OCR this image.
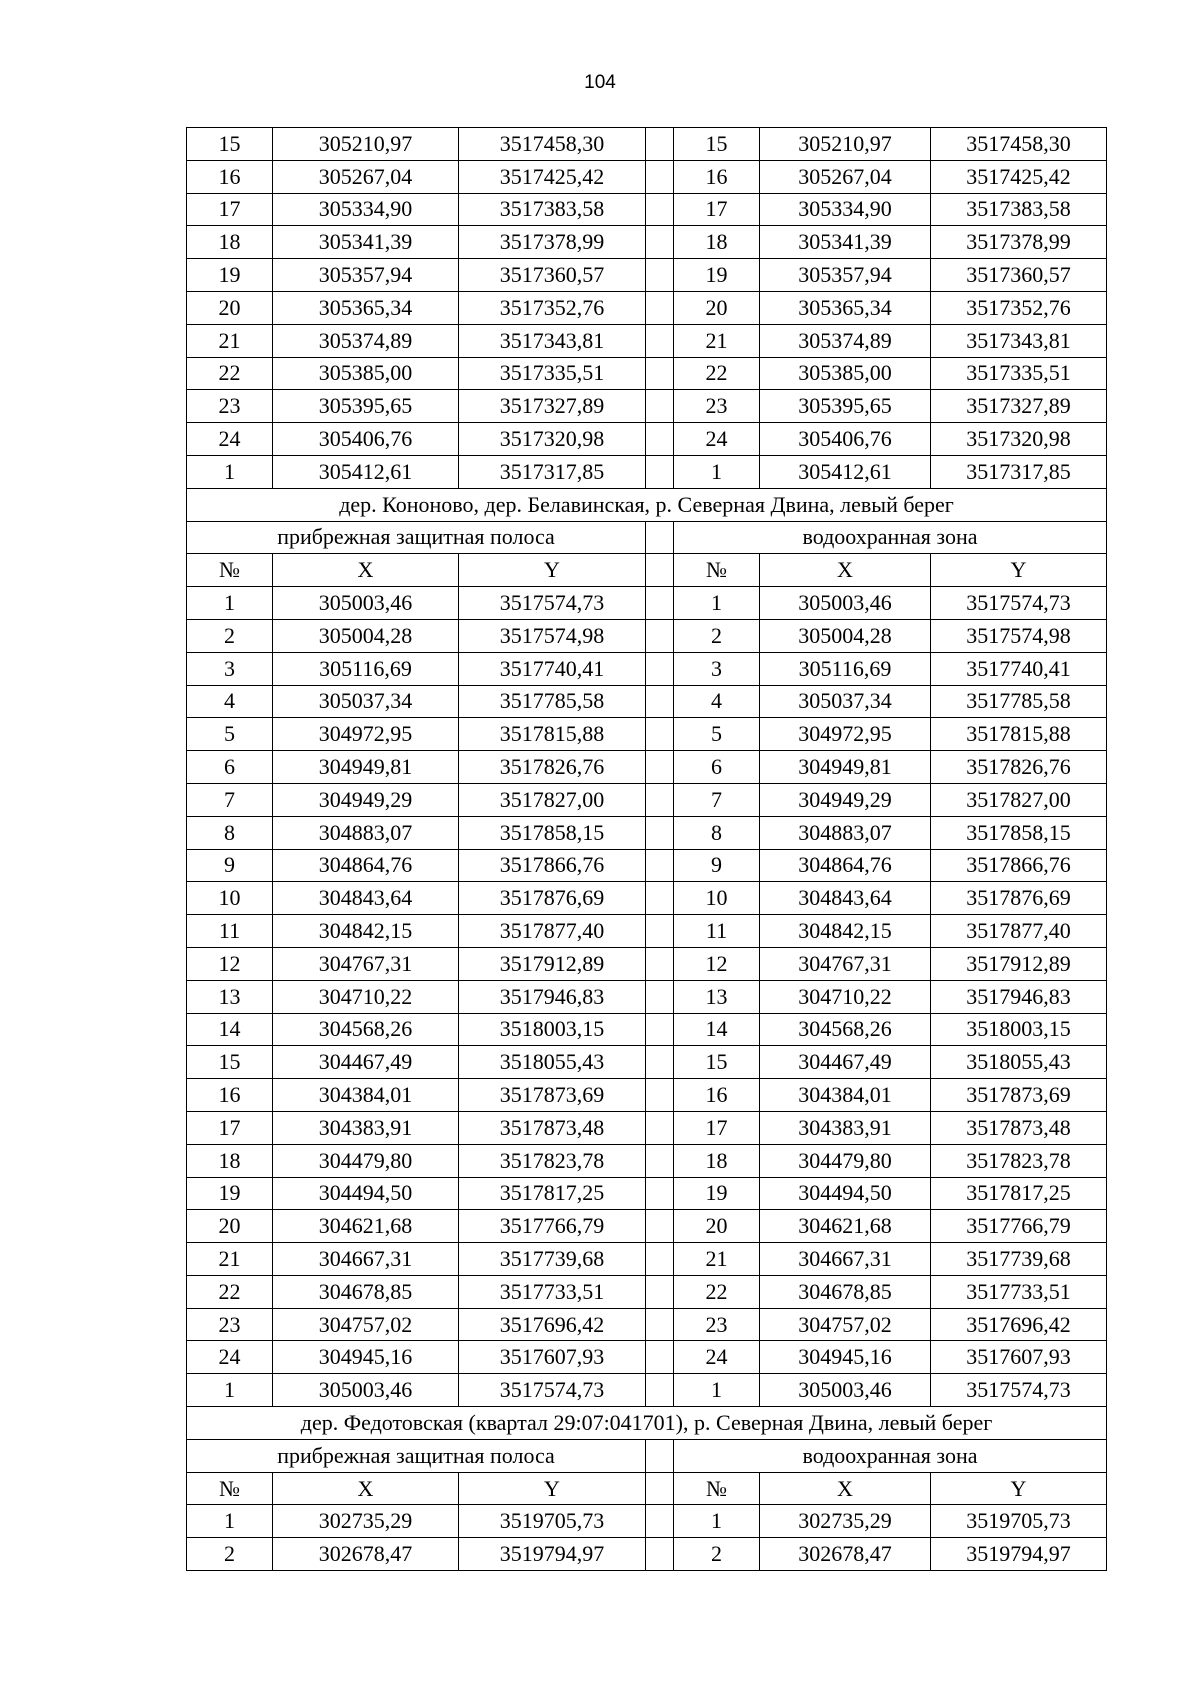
104
15	305210,97	3517458,30		15	305210,97	3517458,30
16	305267,04	3517425,42		16	305267,04	3517425,42
17	305334,90	3517383,58		17	305334,90	3517383,58
18	305341,39	3517378,99		18	305341,39	3517378,99
19	305357,94	3517360,57		19	305357,94	3517360,57
20	305365,34	3517352,76		20	305365,34	3517352,76
21	305374,89	3517343,81		21	305374,89	3517343,81
22	305385,00	3517335,51		22	305385,00	3517335,51
23	305395,65	3517327,89		23	305395,65	3517327,89
24	305406,76	3517320,98		24	305406,76	3517320,98
1	305412,61	3517317,85		1	305412,61	3517317,85
дер. Кононово, дер. Белавинская, р. Северная Двина, левый берег						
прибрежная защитная полоса				водоохранная зона		
№	X	Y		№	X	Y
1	305003,46	3517574,73		1	305003,46	3517574,73
2	305004,28	3517574,98		2	305004,28	3517574,98
3	305116,69	3517740,41		3	305116,69	3517740,41
4	305037,34	3517785,58		4	305037,34	3517785,58
5	304972,95	3517815,88		5	304972,95	3517815,88
6	304949,81	3517826,76		6	304949,81	3517826,76
7	304949,29	3517827,00		7	304949,29	3517827,00
8	304883,07	3517858,15		8	304883,07	3517858,15
9	304864,76	3517866,76		9	304864,76	3517866,76
10	304843,64	3517876,69		10	304843,64	3517876,69
11	304842,15	3517877,40		11	304842,15	3517877,40
12	304767,31	3517912,89		12	304767,31	3517912,89
13	304710,22	3517946,83		13	304710,22	3517946,83
14	304568,26	3518003,15		14	304568,26	3518003,15
15	304467,49	3518055,43		15	304467,49	3518055,43
16	304384,01	3517873,69		16	304384,01	3517873,69
17	304383,91	3517873,48		17	304383,91	3517873,48
18	304479,80	3517823,78		18	304479,80	3517823,78
19	304494,50	3517817,25		19	304494,50	3517817,25
20	304621,68	3517766,79		20	304621,68	3517766,79
21	304667,31	3517739,68		21	304667,31	3517739,68
22	304678,85	3517733,51		22	304678,85	3517733,51
23	304757,02	3517696,42		23	304757,02	3517696,42
24	304945,16	3517607,93		24	304945,16	3517607,93
1	305003,46	3517574,73		1	305003,46	3517574,73
дер. Федотовская (квартал 29:07:041701), р. Северная Двина, левый берег						
прибрежная защитная полоса				водоохранная зона		
№	X	Y		№	X	Y
1	302735,29	3519705,73		1	302735,29	3519705,73
2	302678,47	3519794,97		2	302678,47	3519794,97
